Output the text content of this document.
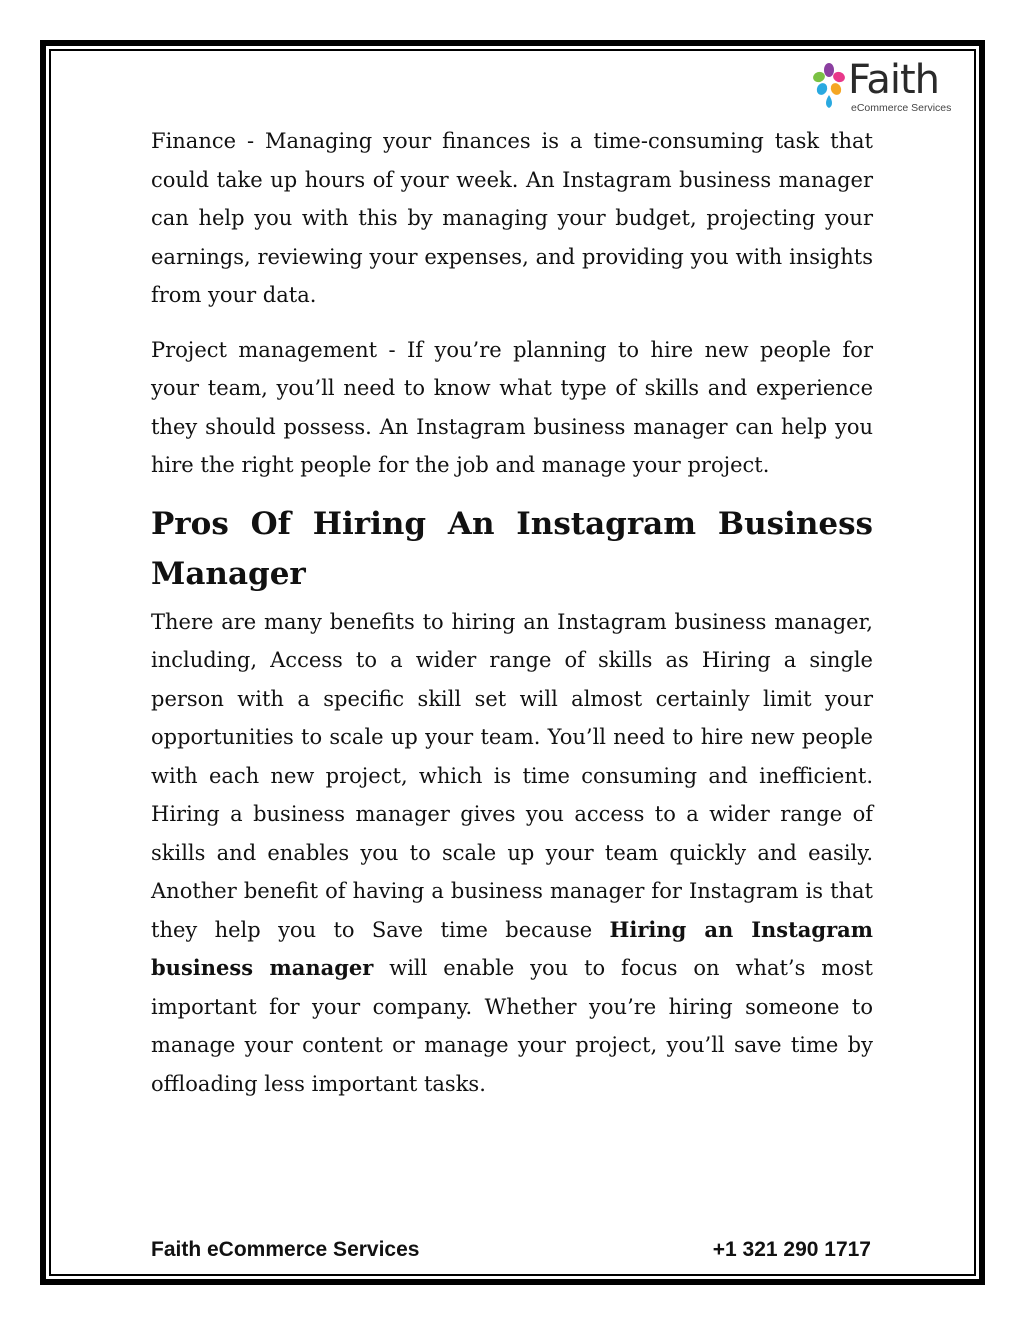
Faith
eCommerce Services

Finance - Managing your finances is a time-consuming task that could take up hours of your week. An Instagram business manager can help you with this by managing your budget, projecting your earnings, reviewing your expenses, and providing you with insights from your data.

Project management - If you’re planning to hire new people for your team, you’ll need to know what type of skills and experience they should possess. An Instagram business manager can help you hire the right people for the job and manage your project.

Pros Of Hiring An Instagram Business Manager

There are many benefits to hiring an Instagram business manager, including, Access to a wider range of skills as Hiring a single person with a specific skill set will almost certainly limit your opportunities to scale up your team. You’ll need to hire new people with each new project, which is time consuming and inefficient. Hiring a business manager gives you access to a wider range of skills and enables you to scale up your team quickly and easily. Another benefit of having a business manager for Instagram is that they help you to Save time because Hiring an Instagram business manager will enable you to focus on what’s most important for your company. Whether you’re hiring someone to manage your content or manage your project, you’ll save time by offloading less important tasks.

Faith eCommerce Services	+1 321 290 1717
